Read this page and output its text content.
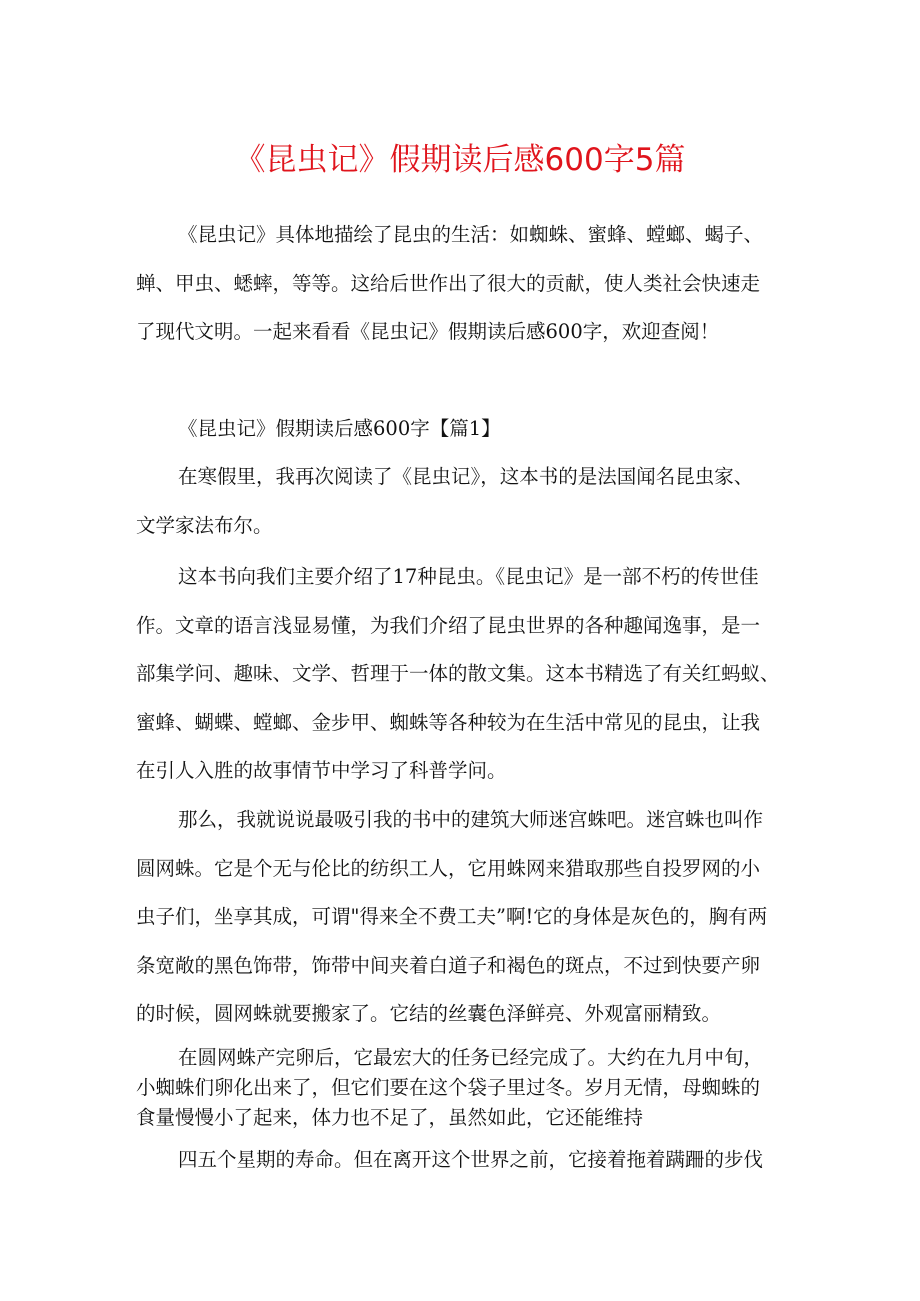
《昆虫记》假期读后感600字5篇

《昆虫记》具体地描绘了昆虫的生活：如蜘蛛、蜜蜂、螳螂、蝎子、
蝉、甲虫、蟋蟀，等等。这给后世作出了很大的贡献，使人类社会快速走
了现代文明。一起来看看《昆虫记》假期读后感600字，欢迎查阅！

《昆虫记》假期读后感600字【篇1】

在寒假里，我再次阅读了《昆虫记》，这本书的是法国闻名昆虫家、
文学家法布尔。

这本书向我们主要介绍了17种昆虫。《昆虫记》是一部不朽的传世佳
作。文章的语言浅显易懂，为我们介绍了昆虫世界的各种趣闻逸事，是一
部集学问、趣味、文学、哲理于一体的散文集。这本书精选了有关红蚂蚁、
蜜蜂、蝴蝶、螳螂、金步甲、蜘蛛等各种较为在生活中常见的昆虫，让我
在引人入胜的故事情节中学习了科普学问。

那么，我就说说最吸引我的书中的建筑大师迷宫蛛吧。迷宫蛛也叫作
圆网蛛。它是个无与伦比的纺织工人，它用蛛网来猎取那些自投罗网的小
虫子们，坐享其成，可谓"得来全不费工夫”啊!它的身体是灰色的，胸有两
条宽敞的黑色饰带，饰带中间夹着白道子和褐色的斑点，不过到快要产卵
的时候，圆网蛛就要搬家了。它结的丝囊色泽鲜亮、外观富丽精致。

在圆网蛛产完卵后，它最宏大的任务已经完成了。大约在九月中旬，
小蜘蛛们卵化出来了，但它们要在这个袋子里过冬。岁月无情，母蜘蛛的
食量慢慢小了起来，体力也不足了，虽然如此，它还能维持

四五个星期的寿命。但在离开这个世界之前，它接着拖着蹒跚的步伐
